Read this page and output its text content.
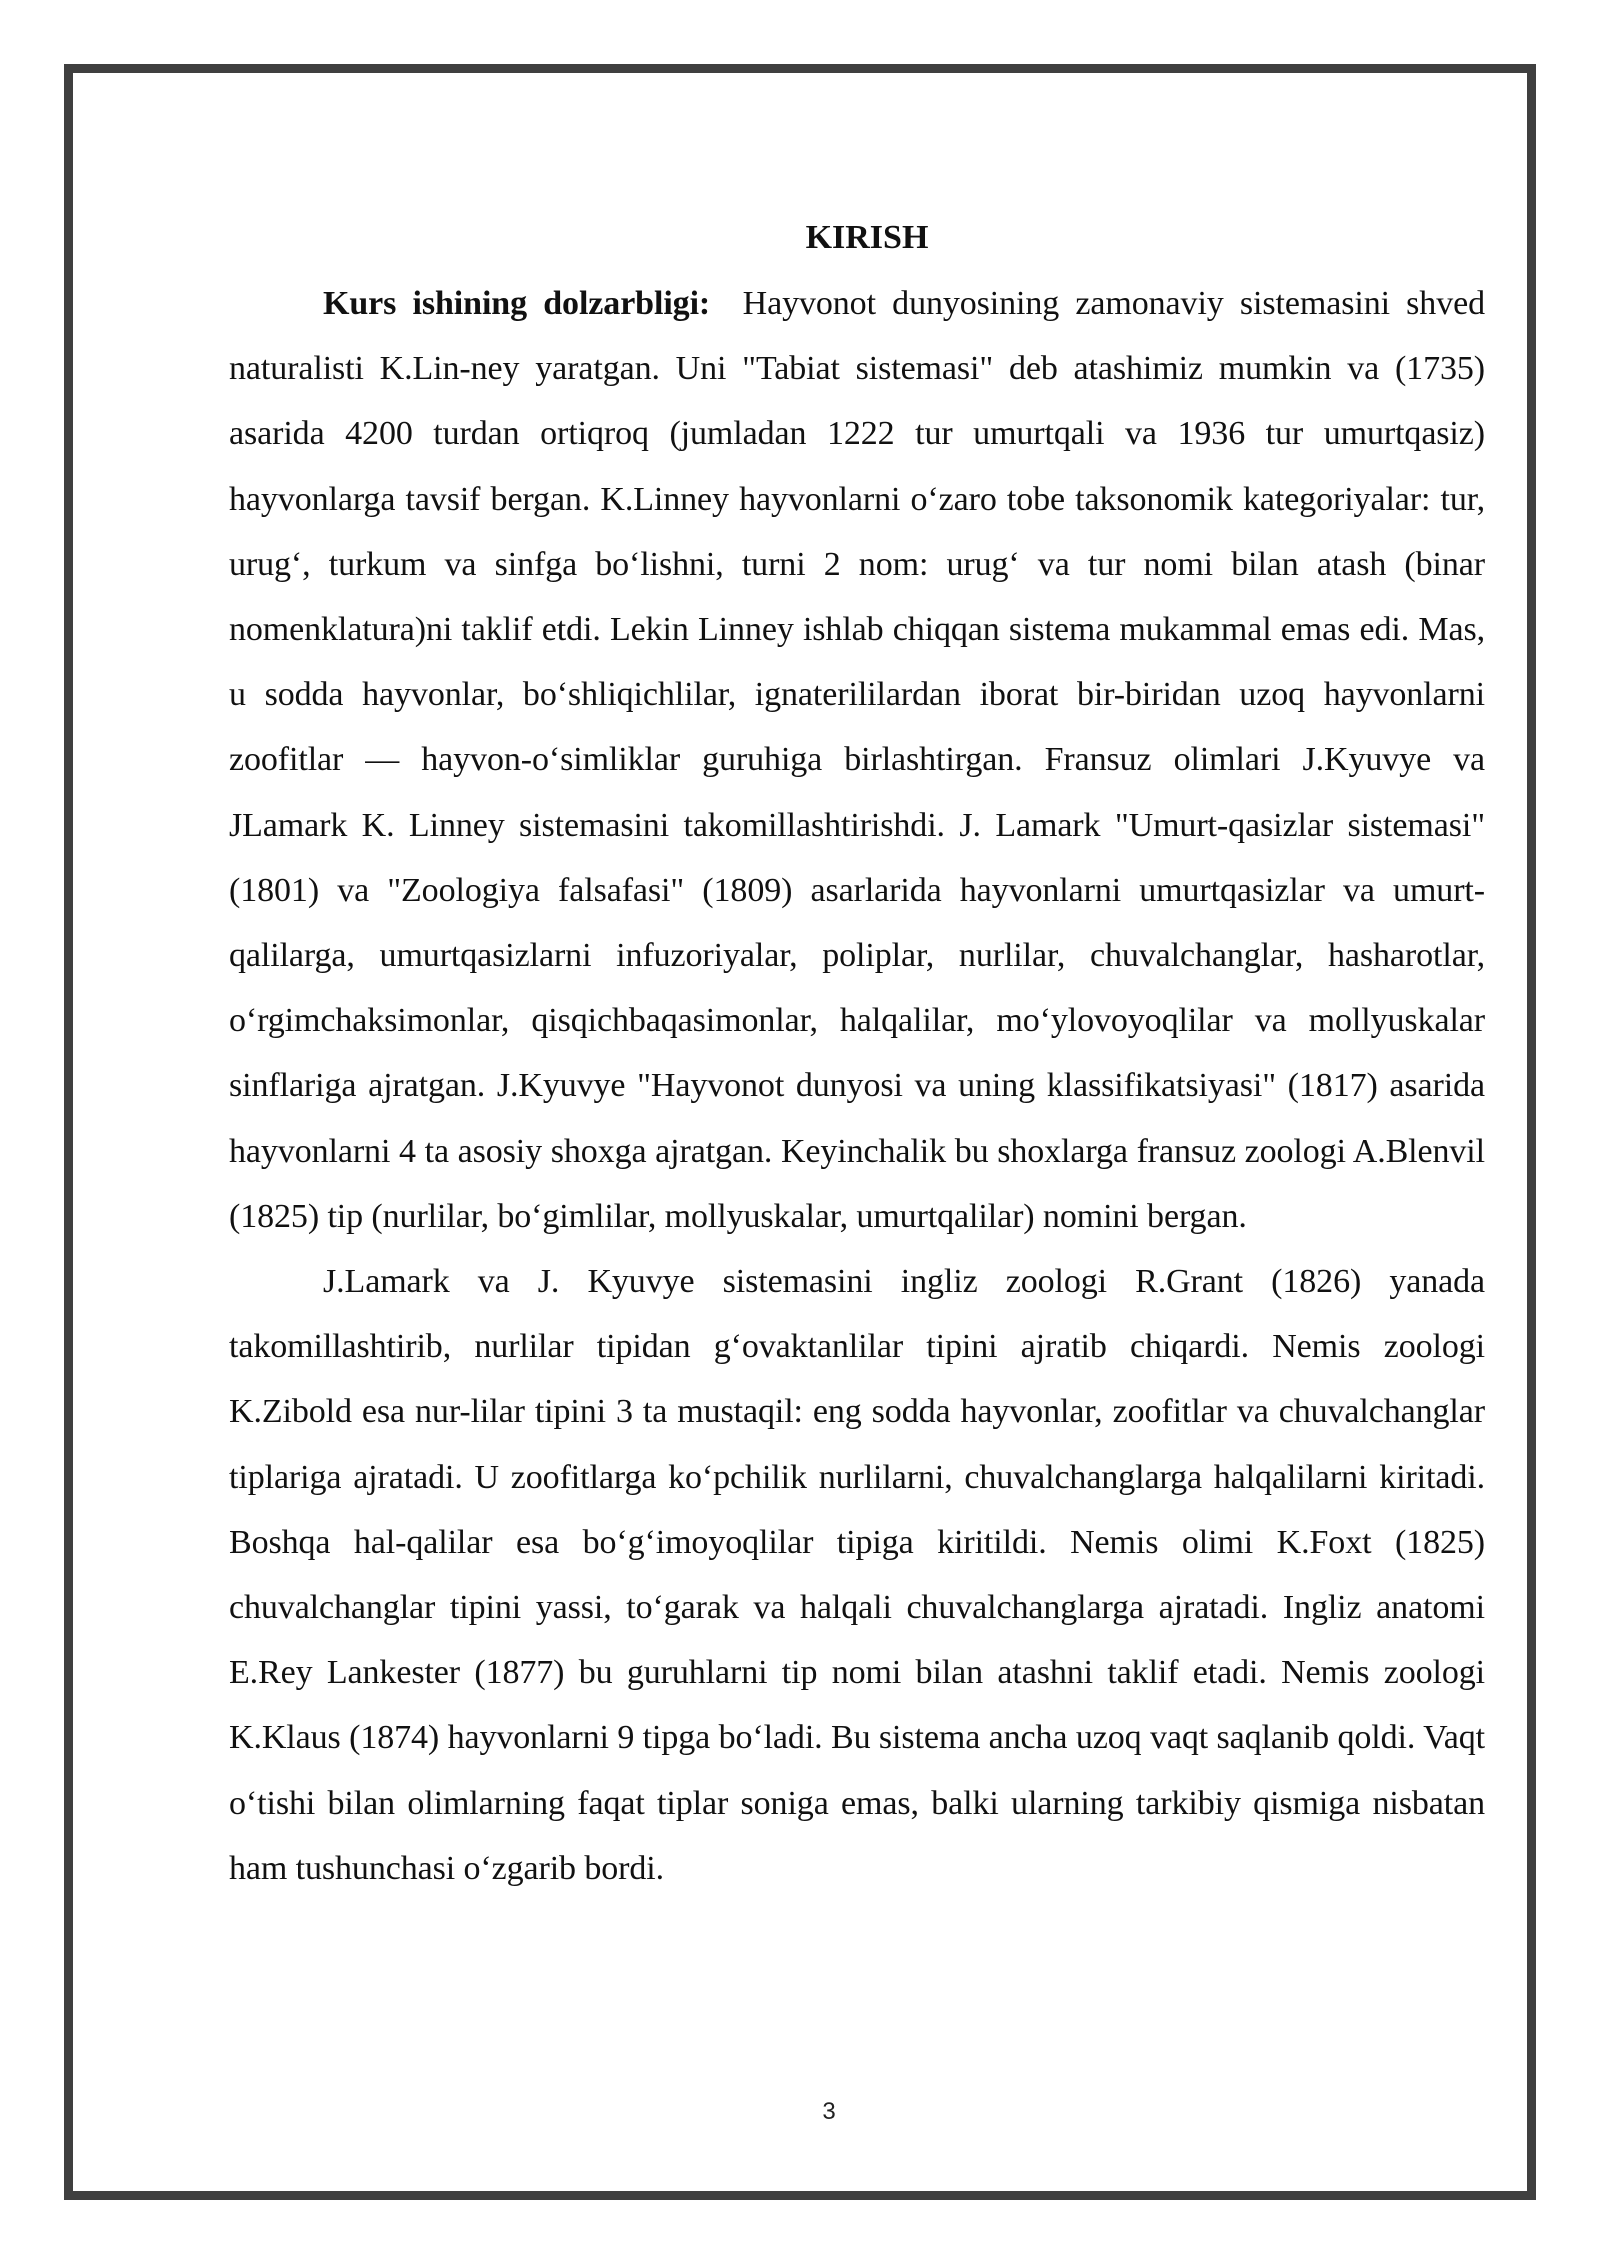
KIRISH

Kurs ishining dolzarbligi: Hayvonot dunyosining zamonaviy sistemasini shved naturalisti K.Lin-ney yaratgan. Uni "Tabiat sistemasi" deb atashimiz mumkin va (1735) asarida 4200 turdan ortiqroq (jumladan 1222 tur umurtqali va 1936 tur umurtqasiz) hayvonlarga tavsif bergan. K.Linney hayvonlarni o‘zaro tobe taksonomik kategoriyalar: tur, urug‘, turkum va sinfga bo‘lishni, turni 2 nom: urug‘ va tur nomi bilan atash (binar nomenklatura)ni taklif etdi. Lekin Linney ishlab chiqqan sistema mukammal emas edi. Mas, u sodda hayvonlar, bo‘shliqichlilar, ignaterililardan iborat bir-biridan uzoq hayvonlarni zoofitlar — hayvon-o‘simliklar guruhiga birlashtirgan. Fransuz olimlari J.Kyuvye va JLamark K. Linney sistemasini takomillashtirishdi. J. Lamark "Umurt-qasizlar sistemasi" (1801) va "Zoologiya falsafasi" (1809) asarlarida hayvonlarni umurtqasizlar va umurt-qalilarga, umurtqasizlarni infuzoriyalar, poliplar, nurlilar, chuvalchanglar, hasharotlar, o‘rgimchaksimonlar, qisqichbaqasimonlar, halqalilar, mo‘ylovoyoqlilar va mollyuskalar sinflariga ajratgan. J.Kyuvye "Hayvonot dunyosi va uning klassifikatsiyasi" (1817) asarida hayvonlarni 4 ta asosiy shoxga ajratgan. Keyinchalik bu shoxlarga fransuz zoologi A.Blenvil (1825) tip (nurlilar, bo‘gimlilar, mollyuskalar, umurtqalilar) nomini bergan.

J.Lamark va J. Kyuvye sistemasini ingliz zoologi R.Grant (1826) yanada takomillashtirib, nurlilar tipidan g‘ovaktanlilar tipini ajratib chiqardi. Nemis zoologi K.Zibold esa nur-lilar tipini 3 ta mustaqil: eng sodda hayvonlar, zoofitlar va chuvalchanglar tiplariga ajratadi. U zoofitlarga ko‘pchilik nurlilarni, chuvalchanglarga halqalilarni kiritadi. Boshqa hal-qalilar esa bo‘g‘imoyoqlilar tipiga kiritildi. Nemis olimi K.Foxt (1825) chuvalchanglar tipini yassi, to‘garak va halqali chuvalchanglarga ajratadi. Ingliz anatomi E.Rey Lankester (1877) bu guruhlarni tip nomi bilan atashni taklif etadi. Nemis zoologi K.Klaus (1874) hayvonlarni 9 tipga bo‘ladi. Bu sistema ancha uzoq vaqt saqlanib qoldi. Vaqt o‘tishi bilan olimlarning faqat tiplar soniga emas, balki ularning tarkibiy qismiga nisbatan ham tushunchasi o‘zgarib bordi.

3
